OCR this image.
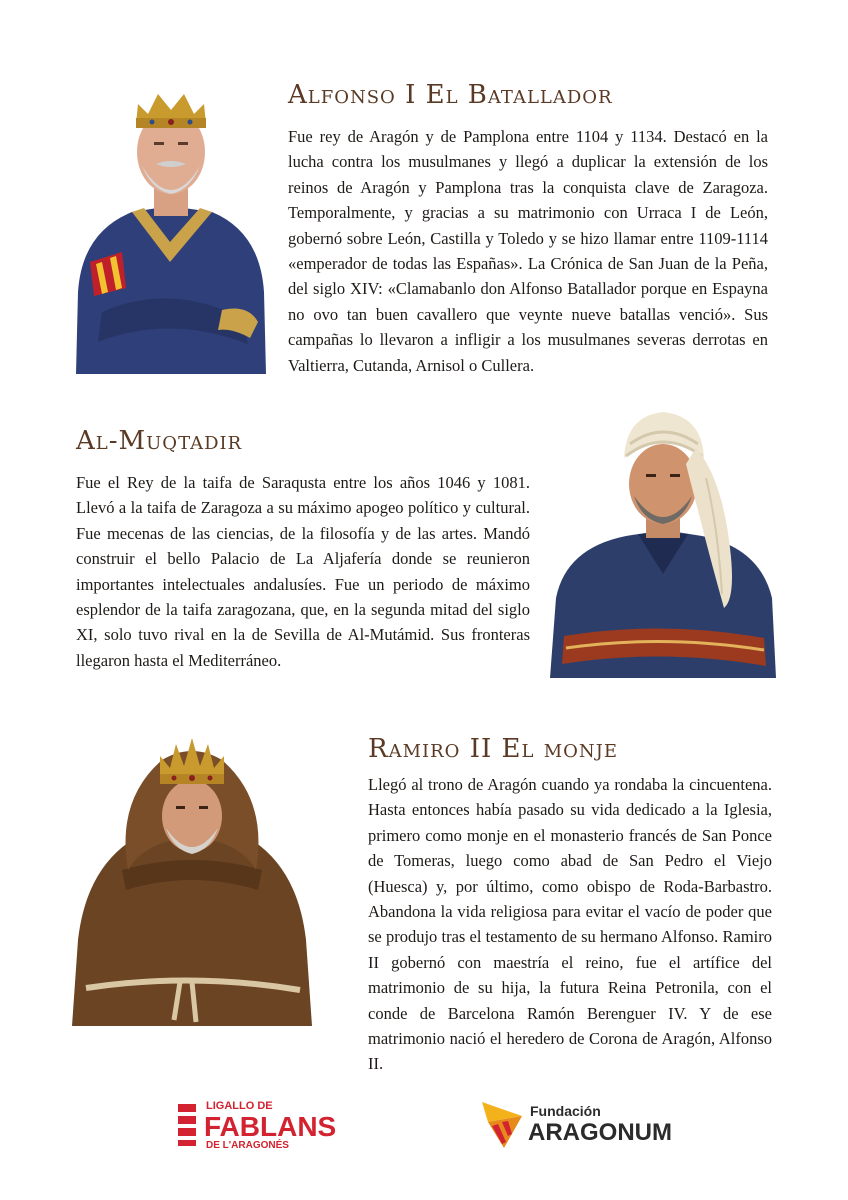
Alfonso I El Batallador

Fue rey de Aragón y de Pamplona entre 1104 y 1134. Destacó en la lucha contra los musulmanes y llegó a duplicar la extensión de los reinos de Aragón y Pamplona tras la conquista clave de Zaragoza. Temporalmente, y gracias a su matrimonio con Urraca I de León, gobernó sobre León, Castilla y Toledo y se hizo llamar entre 1109-1114 «emperador de todas las Españas». La Crónica de San Juan de la Peña, del siglo XIV: «Clamabanlo don Alfonso Batallador porque en Espayna no ovo tan buen cavallero que veynte nueve batallas venció». Sus campañas lo llevaron a infligir a los musulmanes severas derrotas en Valtierra, Cutanda, Arnisol o Cullera.

Al-Muqtadir

Fue el Rey de la taifa de Saraqusta entre los años 1046 y 1081. Llevó a la taifa de Zaragoza a su máximo apogeo político y cultural. Fue mecenas de las ciencias, de la filosofía y de las artes. Mandó construir el bello Palacio de La Aljafería donde se reunieron importantes intelectuales andalusíes. Fue un periodo de máximo esplendor de la taifa zaragozana, que, en la segunda mitad del siglo XI, solo tuvo rival en la de Sevilla de Al-Mutámid. Sus fronteras llegaron hasta el Mediterráneo.

Ramiro II El monje

Llegó al trono de Aragón cuando ya rondaba la cincuentena. Hasta entonces había pasado su vida dedicado a la Iglesia, primero como monje en el monasterio francés de San Ponce de Tomeras, luego como abad de San Pedro el Viejo (Huesca) y, por último, como obispo de Roda-Barbastro. Abandona la vida religiosa para evitar el vacío de poder que se produjo tras el testamento de su hermano Alfonso. Ramiro II gobernó con maestría el reino, fue el artífice del matrimonio de su hija, la futura Reina Petronila, con el conde de Barcelona Ramón Berenguer IV. Y de ese matrimonio nació el heredero de Corona de Aragón, Alfonso II.

LIGALLO DE
FABLANS
DE L'ARAGONÉS
Fundación
ARAGONUM
